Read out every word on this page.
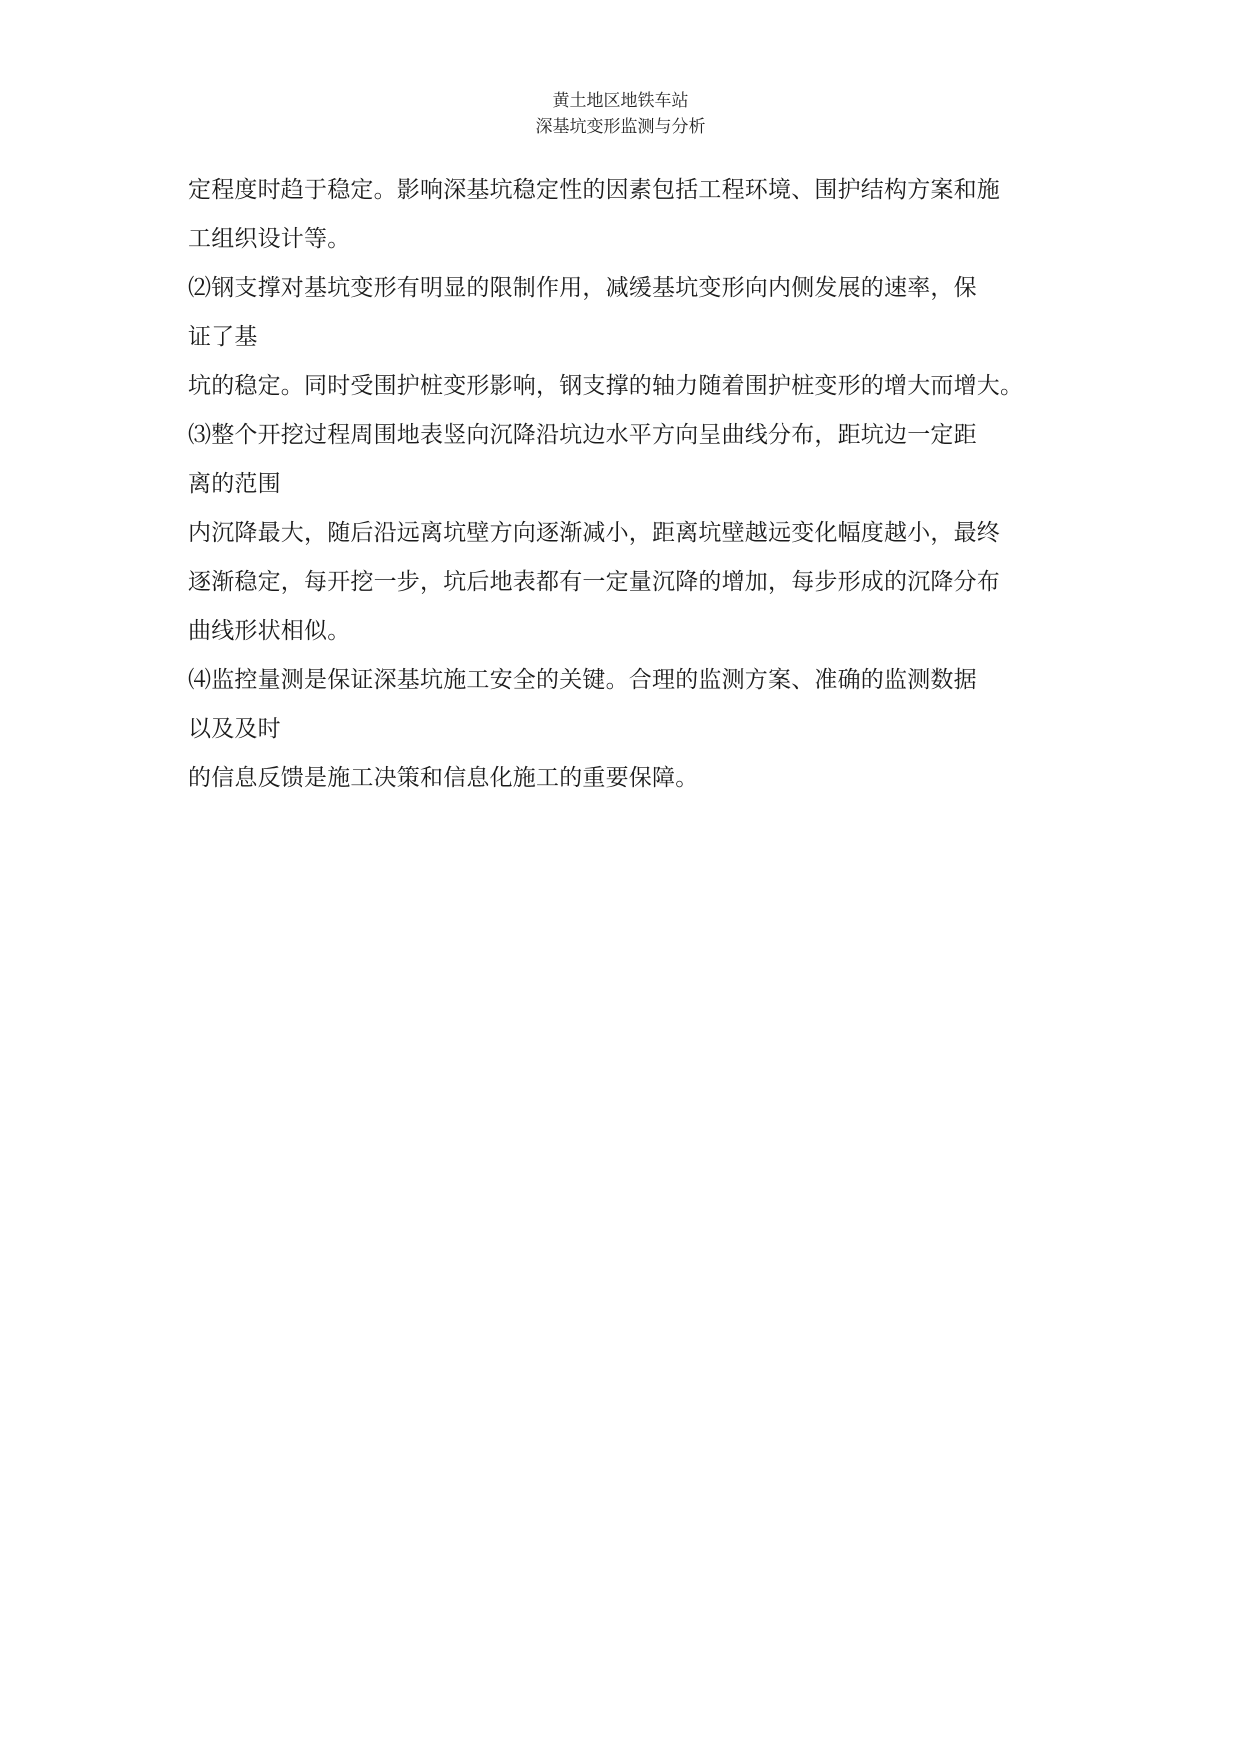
黄土地区地铁车站
深基坑变形监测与分析
定程度时趋于稳定。影响深基坑稳定性的因素包括工程环境、围护结构方案和施
工组织设计等。
⑵钢支撑对基坑变形有明显的限制作用，减缓基坑变形向内侧发展的速率，保
证了基
坑的稳定。同时受围护桩变形影响，钢支撑的轴力随着围护桩变形的增大而增大。
⑶整个开挖过程周围地表竖向沉降沿坑边水平方向呈曲线分布，距坑边一定距
离的范围
内沉降最大，随后沿远离坑壁方向逐渐减小，距离坑壁越远变化幅度越小，最终
逐渐稳定，每开挖一步，坑后地表都有一定量沉降的增加，每步形成的沉降分布
曲线形状相似。
⑷监控量测是保证深基坑施工安全的关键。合理的监测方案、准确的监测数据
以及及时
的信息反馈是施工决策和信息化施工的重要保障。
